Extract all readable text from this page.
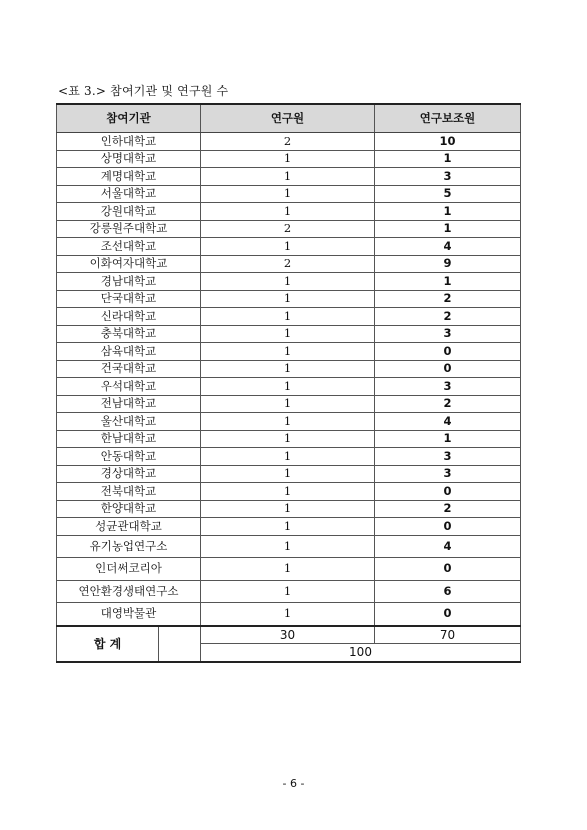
<표 3.> 참여기관 및 연구원 수
참여기관		연구원	연구보조원
인하대학교		2	10
상명대학교		1	1
계명대학교		1	3
서울대학교		1	5
강원대학교		1	1
강릉원주대학교		2	1
조선대학교		1	4
이화여자대학교		2	9
경남대학교		1	1
단국대학교		1	2
신라대학교		1	2
충북대학교		1	3
삼육대학교		1	0
건국대학교		1	0
우석대학교		1	3
전남대학교		1	2
울산대학교		1	4
한남대학교		1	1
안동대학교		1	3
경상대학교		1	3
전북대학교		1	0
한양대학교		1	2
성균관대학교		1	0
유기농업연구소		1	4
인더써코리아		1	0
연안환경생태연구소		1	6
대영박물관		1	0
합 계		30	70
		100	
- 6 -
